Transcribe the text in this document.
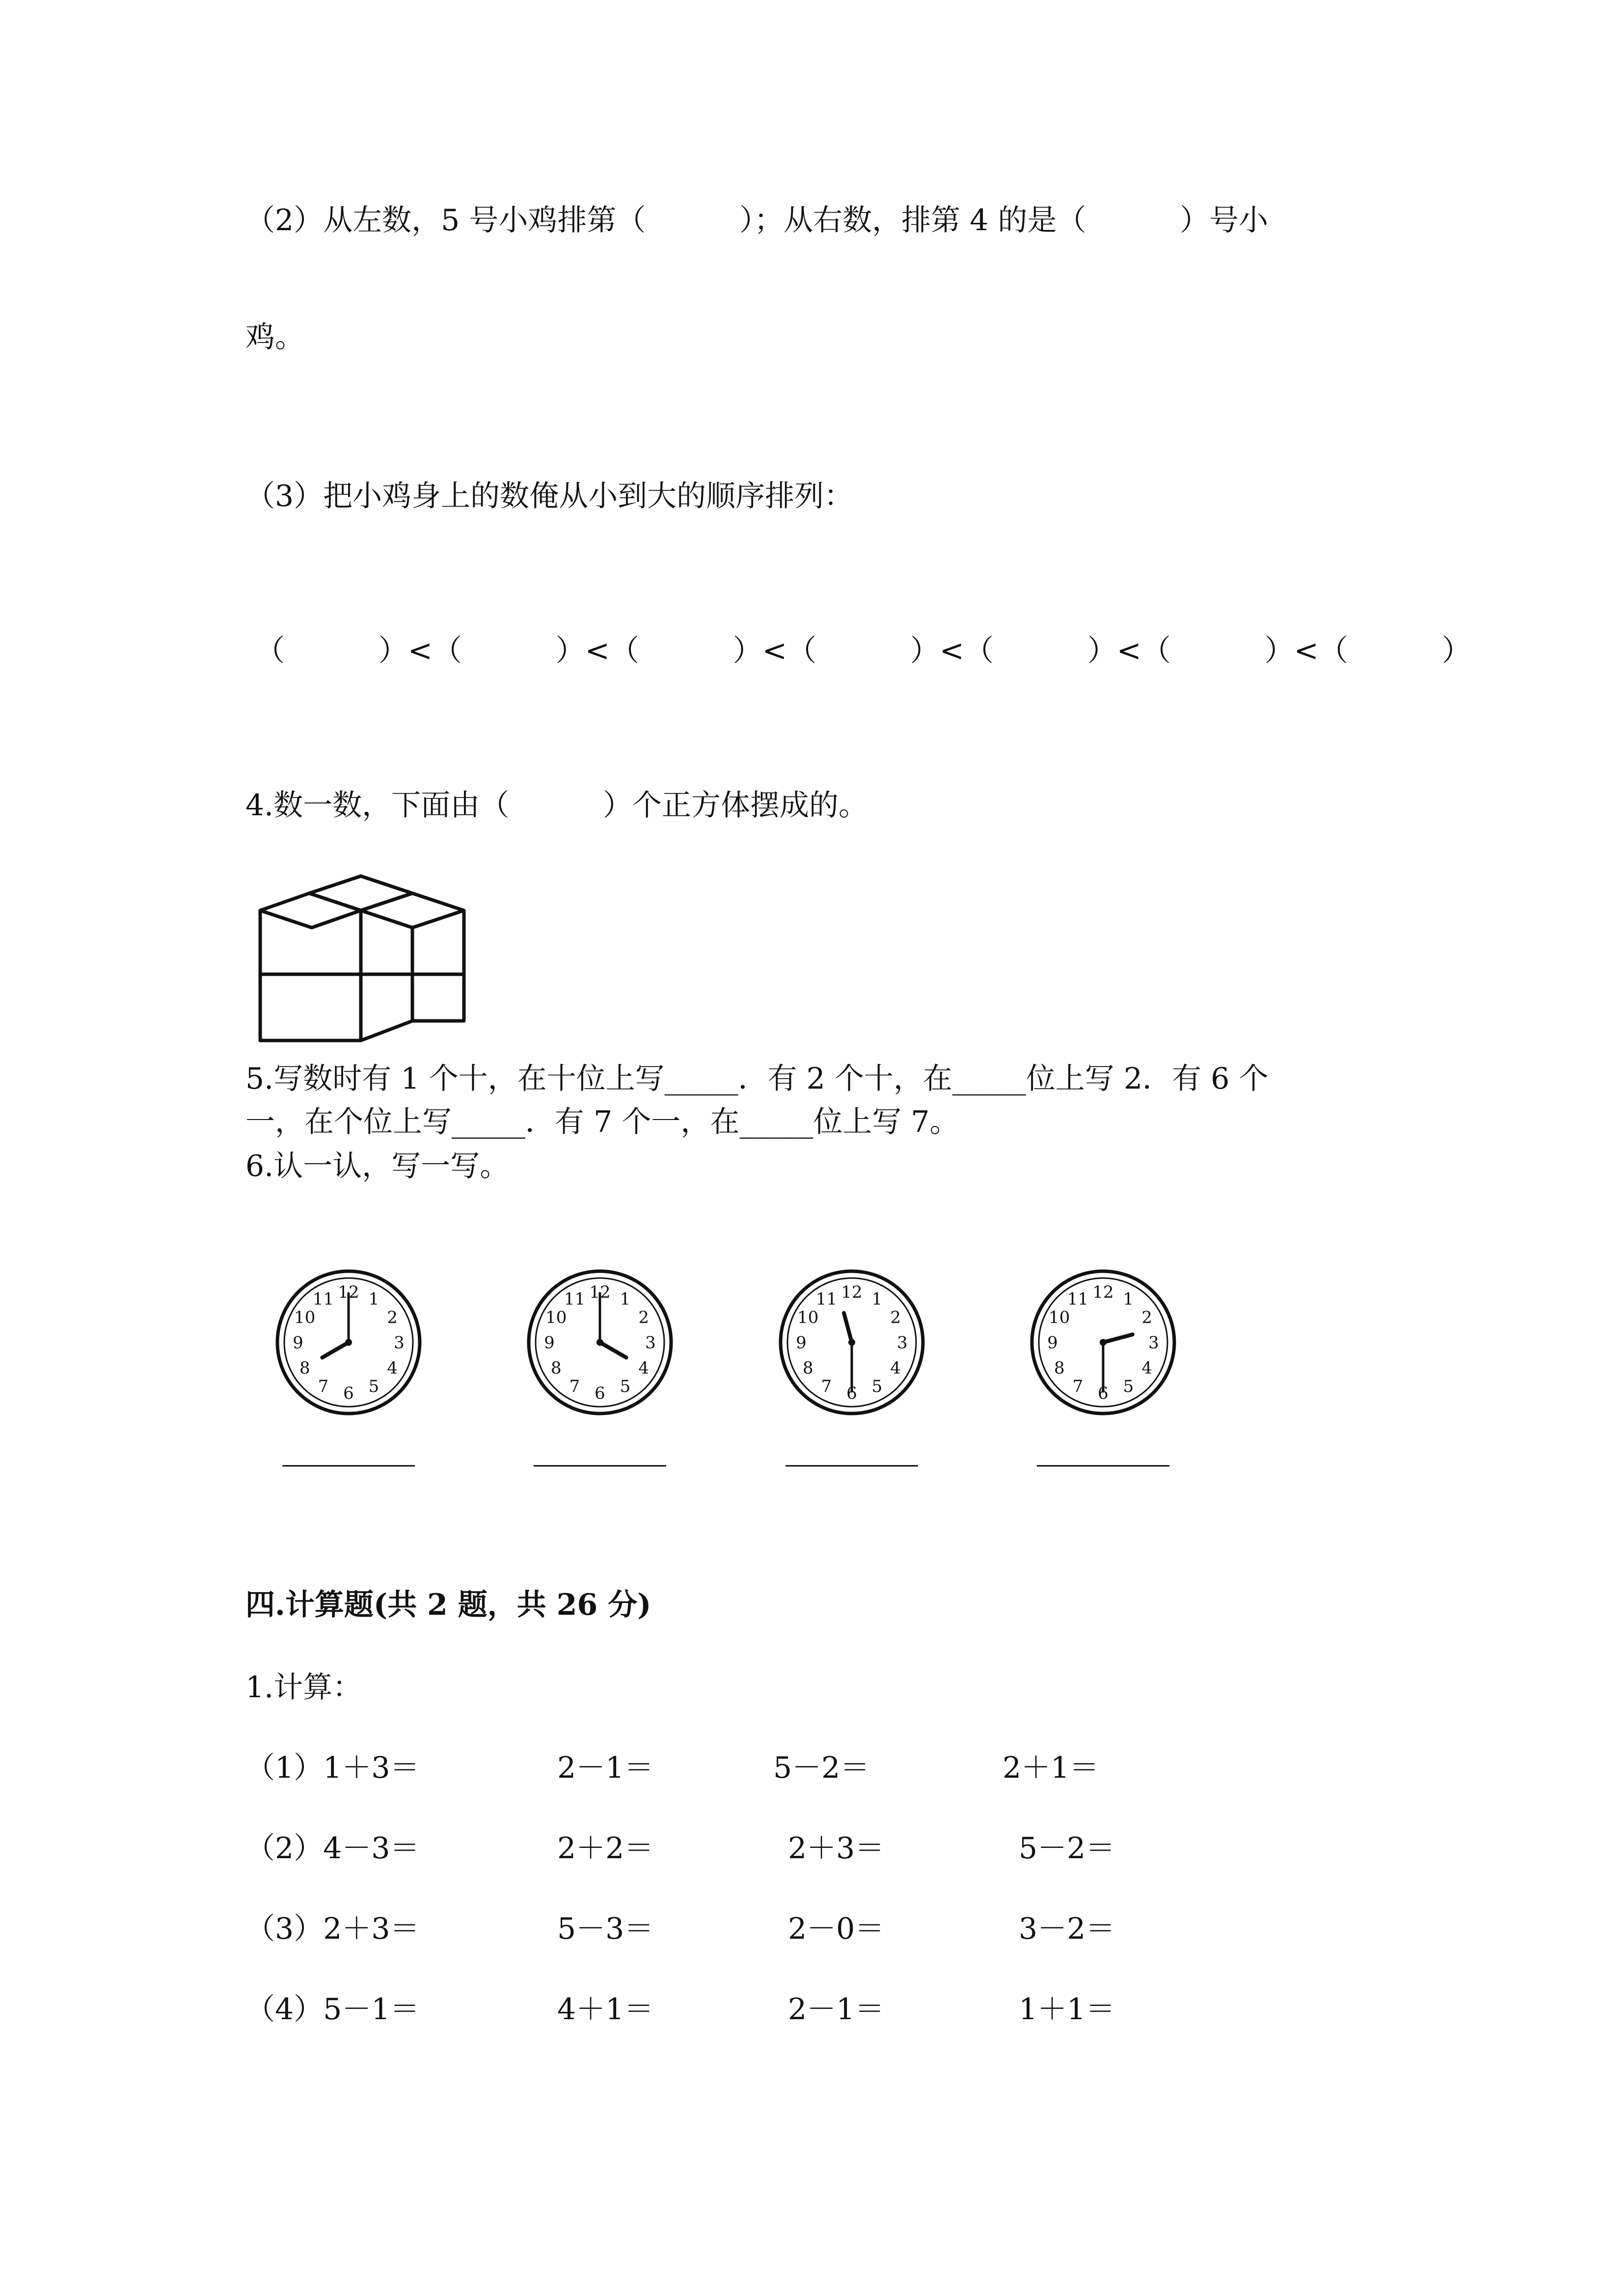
（2）从左数，5 号小鸡排第（          ）；从右数，排第 4 的是（          ）号小
鸡。
（3）把小鸡身上的数俺从小到大的顺序排列：
（          ）<（          ）<（          ）<（          ）<（          ）<（          ）<（          ）
4.数一数，下面由（          ）个正方体摆成的。
5.写数时有 1 个十，在十位上写_____．有 2 个十，在_____位上写 2．有 6 个
一，在个位上写_____．有 7 个一，在_____位上写 7。
6.认一认，写一写。
12 1
2
3
4
5
6
7
8
9
10
11	12 1
2
3
4
5
6
7
8
9
10
11	12 1
2
3
4
5
6
7
8
9
10
11	12 1
2
3
4
5
6
7
8
9
10
11
四.计算题(共 2 题，共 26 分)
1.计算：
（1）1＋3＝	2－1＝	5－2＝	2＋1＝
（2）4－3＝	2＋2＝	2＋3＝	5－2＝
（3）2＋3＝	5－3＝	2－0＝	3－2＝
（4）5－1＝	4＋1＝	2－1＝	1＋1＝
